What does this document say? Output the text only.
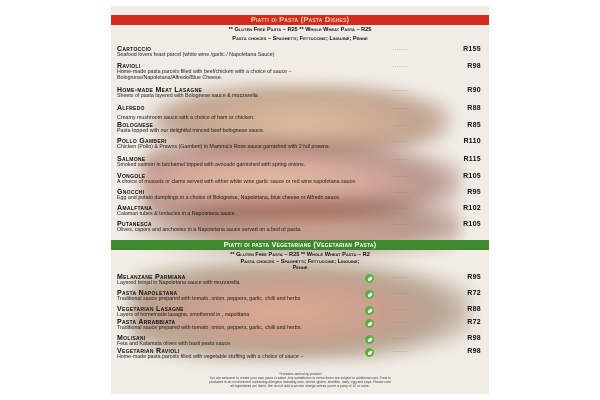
Piatti di Pasta (Pasta Dishes)
** Gluten Free Pasta – R25 ** Whole Wheat Pasta – R25
Pasta choices – Spaghetti; Fettuccine; Linguine; Penne
Cartoccio	........	R155
Seafood lovers feast parcel (white wine /garlic / Napoletana Sauce)
Ravioli	........	R98
Home-made pasta parcels filled with beef/chicken with a choice of sauce – Bolognese/Napoletana/Alfredo/Blue Cheese.
Home-made Meat Lasagne	........	R90
Sheets of pasta layered with Bolognese sauce & mozzarella
Alfredo	........	R88
Creamy mushroom sauce with a choice of ham or chicken.
Bolognese	........	R85
Pasta topped with our delightful minced beef bolognese sauce.
Pollo Gamberi	........	R110
Chicken (Pollo) & Prawns (Gamberi) in Mamma's Rose sauce garnished with 2 full prawns.
Salmone	........	R115
Smoked salmon in béchamel topped with avocado garnished with spring onions.
Vongole	........	R105
A choice of mussels or clams served with either white wine garlic sauce or red wine napoletana sauce.
Gnocchi	........	R95
Egg and potato dumplings in a choice of Bolognese, Napoletana, blue cheese or Alfredo sauce.
Amalftana	........	R102
Calamari tubes & tentacles in a Napoletana sauce.
Putanesca	........	R105
Olives, capers and anchovies in a Napoletana sauce served on a bed of pasta.
Piatti di pasta Vegetariane (Vegetarian Pasta)
** Gluten Free Pasta – R25 ** Whole Wheat Pasta – R2
Pasta choices – Spaghetti; Fettuccine; Linguine;
Penne
Melanzane Parmiana	........	R95
Layered brinjal in Napoletana sauce with mozzarella
Pasta Napoletana	........	R72
Traditional sauce prepared with tomato, onion, peppers, garlic, chilli and herbs
Vegetarian Lasagne	........	R88
Layers of homemade lasagne, smothered in , napolitana
Pasta Arrabbiata	........	R72
Traditional sauce prepared with tomato, onion, peppers, garlic, chilli and herbs.
Molisani	........	R98
Feta and Kalamata olives with basil pesto sauce.
Vegetarian Ravioli	........	R98
Home-made pasta parcels filled with vegetable stuffing with a choice of sauce –
**contains animal by-product
You are welcome to create your own pizza or salad. Any substitution to menu items are subject to additional cost. Food is
produced in an environment containing allergens including nuts, wheat, gluten, shellfish, dairy, egg and soya. Please note
all ingredients are listed. We do not add a service charge unless you're a party of 10 or more.
